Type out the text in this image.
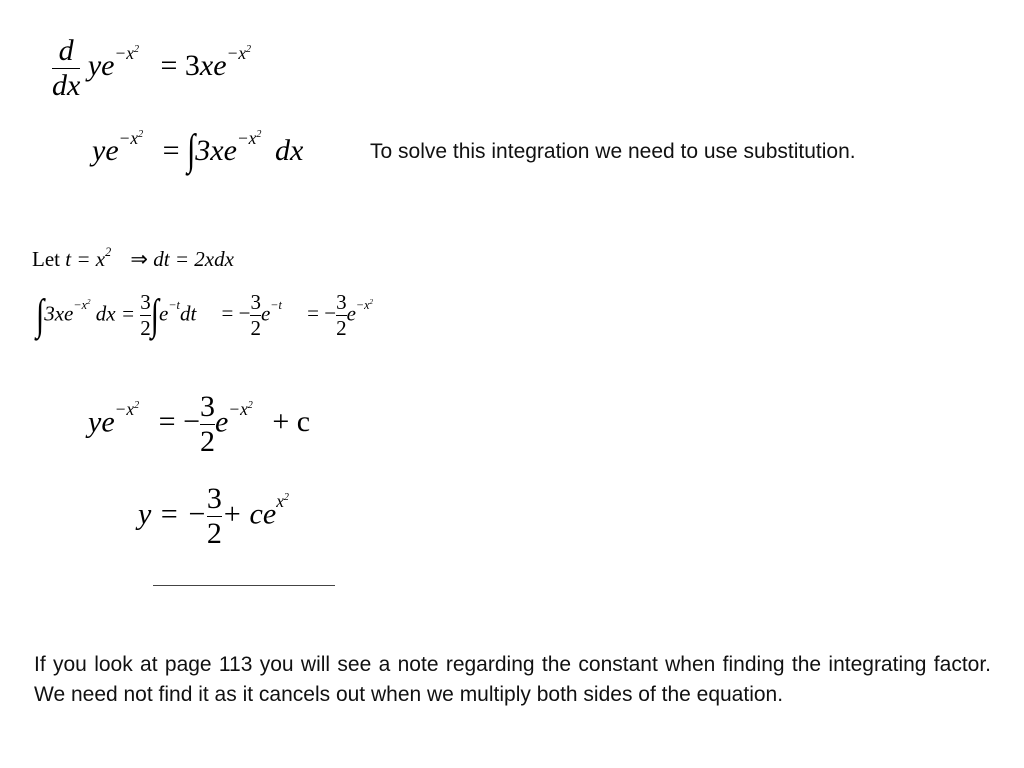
$\frac{d}{dx} ye^{-x^2} = 3xe^{-x^2}$
$ye^{-x^2} = \int 3xe^{-x^2}$ dx	To solve this integration we need to use substitution.
Let $t = x^2$ ⇒ dt = 2xdx
$\int 3xe^{-x^2}$ dx = $\frac{3}{2} \int e^{-t}dt$ = − $\frac{3}{2} e^{-t}$ = − $\frac{3}{2} e^{-x^2}$
$ye^{-x^2}$ = − $\frac{3}{2} e^{-x^2} + c$
y = − $\frac{3}{2} + ce^{x^2}$
If you look at page 113 you will see a note regarding the constant when finding the integrating factor. We need not find it as it cancels out when we multiply both sides of the equation.
